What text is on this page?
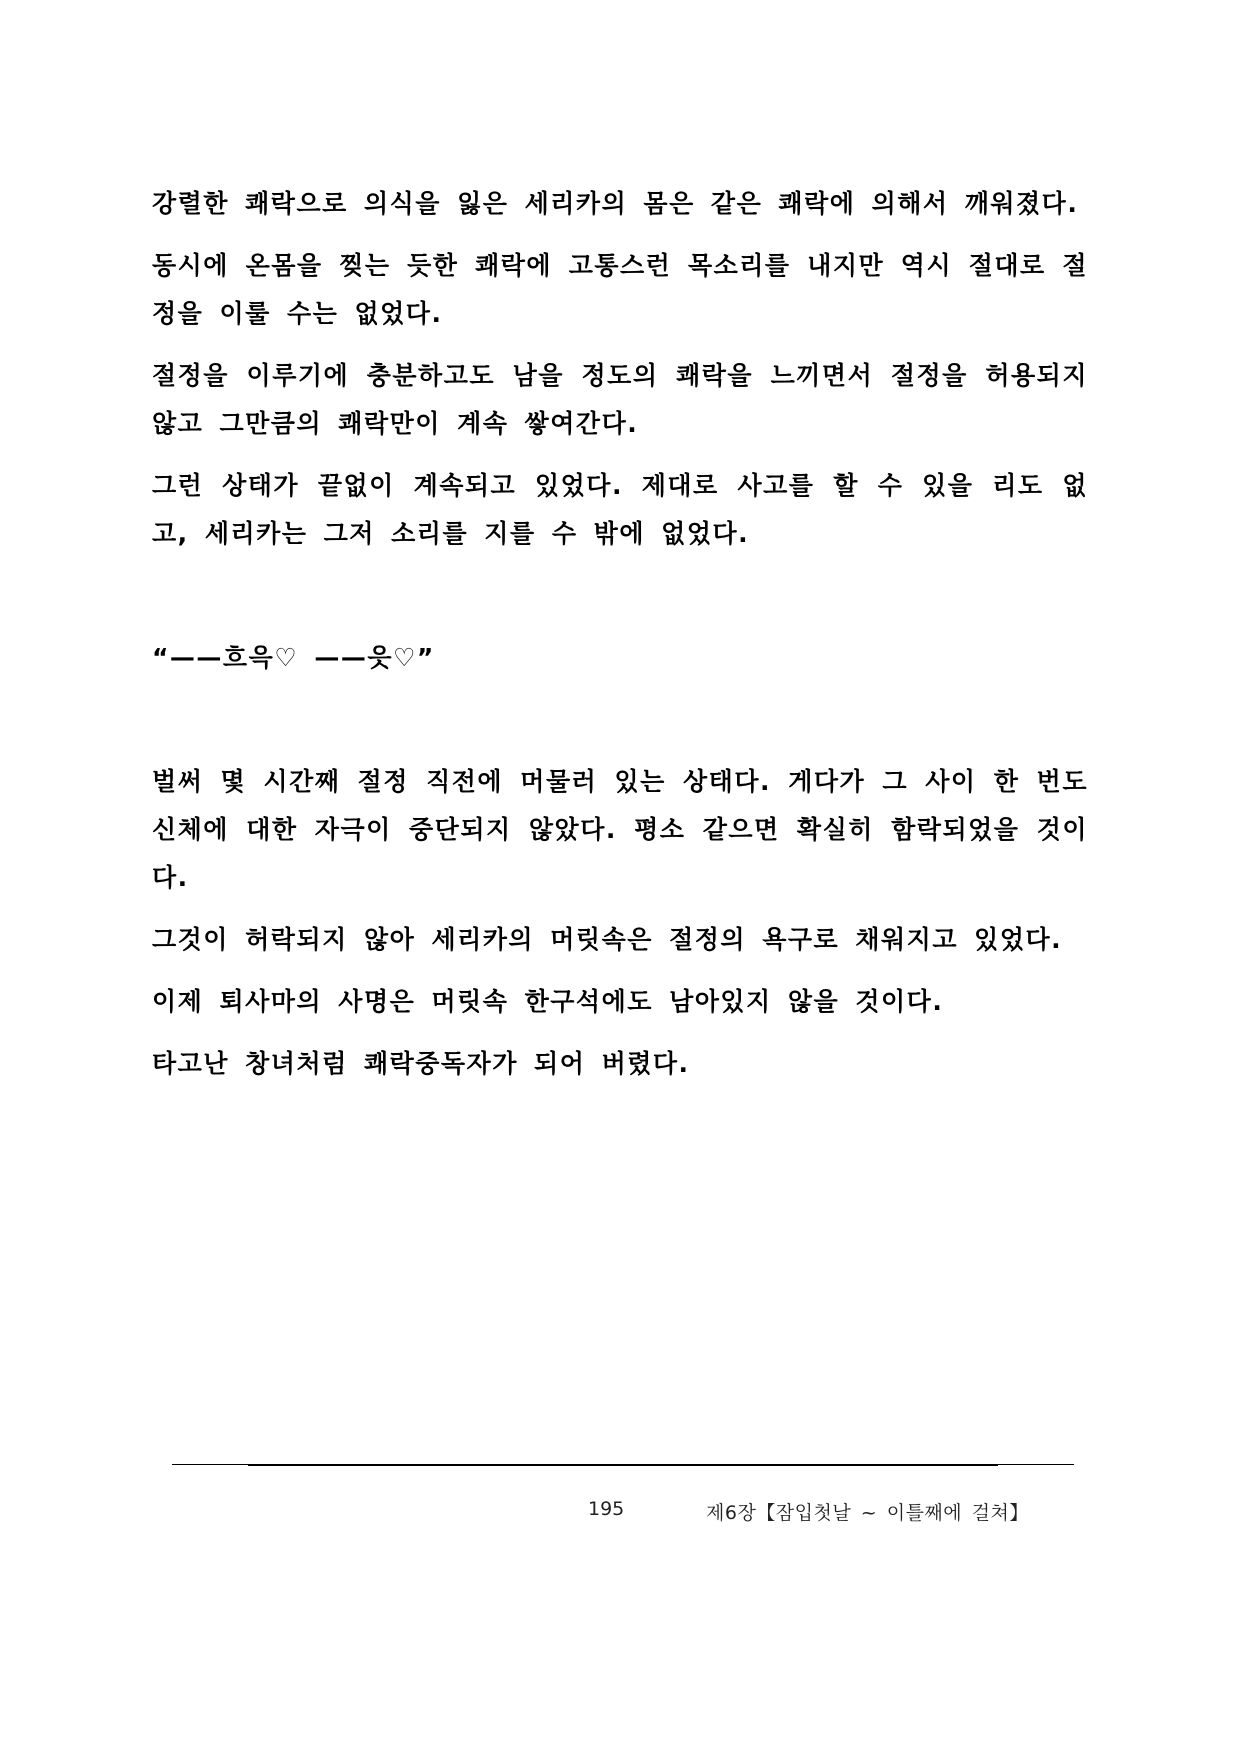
강렬한 쾌락으로 의식을 잃은 세리카의 몸은 같은 쾌락에 의해서 깨워졌다.

동시에 온몸을 찢는 듯한 쾌락에 고통스런 목소리를 내지만 역시 절대로 절정을 이룰 수는 없었다.

절정을 이루기에 충분하고도 남을 정도의 쾌락을 느끼면서 절정을 허용되지 않고 그만큼의 쾌락만이 계속 쌓여간다.

그런 상태가 끝없이 계속되고 있었다. 제대로 사고를 할 수 있을 리도 없고, 세리카는 그저 소리를 지를 수 밖에 없었다.

“——흐윽♡ ——읏♡”

벌써 몇 시간째 절정 직전에 머물러 있는 상태다. 게다가 그 사이 한 번도 신체에 대한 자극이 중단되지 않았다. 평소 같으면 확실히 함락되었을 것이다.

그것이 허락되지 않아 세리카의 머릿속은 절정의 욕구로 채워지고 있었다.

이제 퇴사마의 사명은 머릿속 한구석에도 남아있지 않을 것이다.

타고난 창녀처럼 쾌락중독자가 되어 버렸다.

195	제6장【잠입첫날 ~ 이틀째에 걸쳐】
